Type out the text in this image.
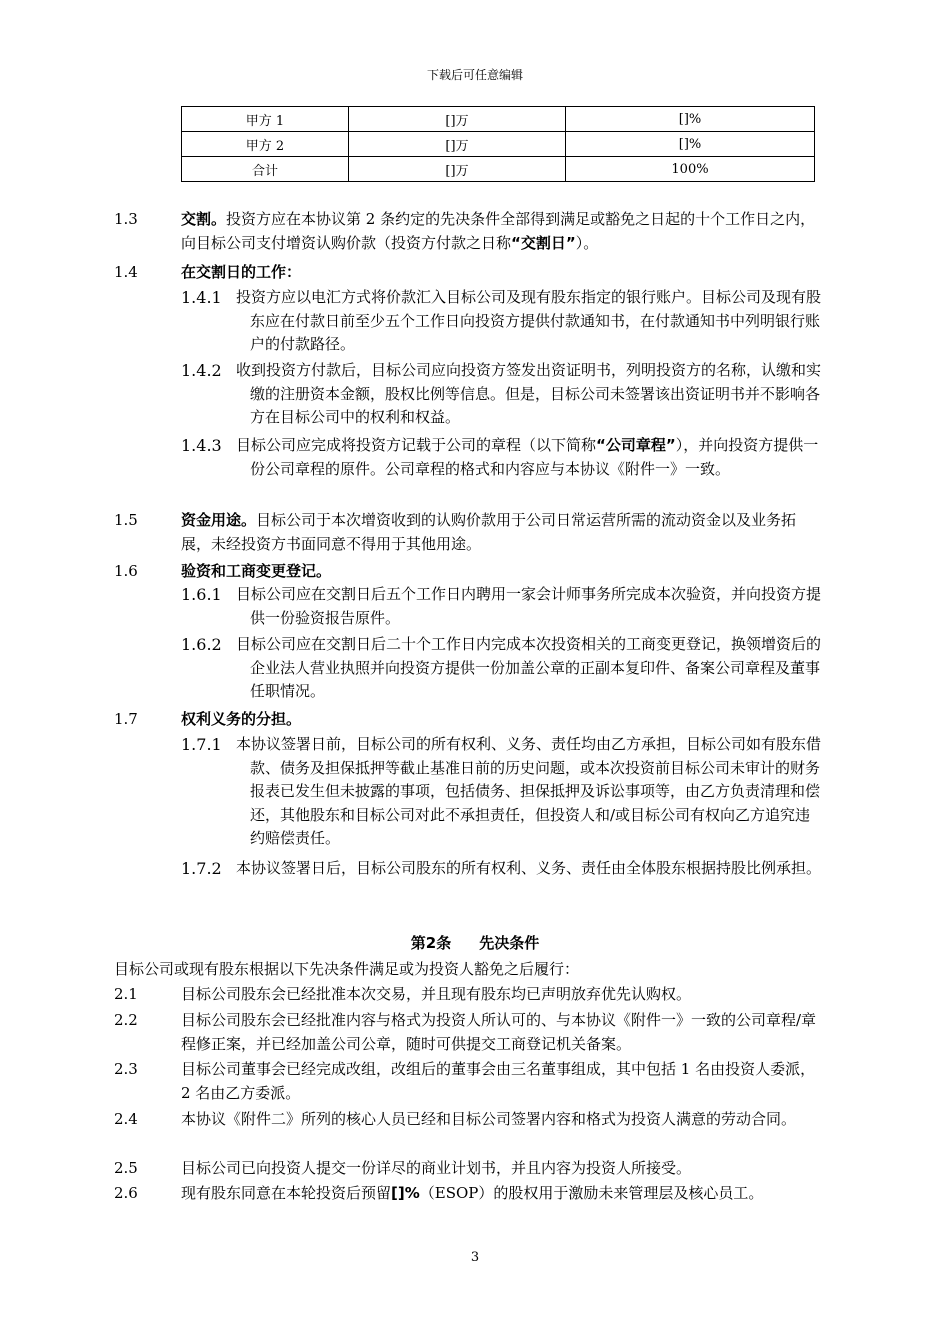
下载后可任意编辑
甲方 1	[]万	[]%
甲方 2	[]万	[]%
合计	[]万	100%
1.3	交割。投资方应在本协议第 2 条约定的先决条件全部得到满足或豁免之日起的十个工作日之内，向目标公司支付增资认购价款（投资方付款之日称“交割日”）。
1.4	在交割日的工作：
1.4.1 投资方应以电汇方式将价款汇入目标公司及现有股东指定的银行账户。目标公司及现有股东应在付款日前至少五个工作日向投资方提供付款通知书，在付款通知书中列明银行账户的付款路径。
1.4.2 收到投资方付款后，目标公司应向投资方签发出资证明书，列明投资方的名称，认缴和实缴的注册资本金额，股权比例等信息。但是，目标公司未签署该出资证明书并不影响各方在目标公司中的权利和权益。
1.4.3 目标公司应完成将投资方记载于公司的章程（以下简称“公司章程”），并向投资方提供一份公司章程的原件。公司章程的格式和内容应与本协议《附件一》一致。
1.5	资金用途。目标公司于本次增资收到的认购价款用于公司日常运营所需的流动资金以及业务拓展，未经投资方书面同意不得用于其他用途。
1.6	验资和工商变更登记。
1.6.1 目标公司应在交割日后五个工作日内聘用一家会计师事务所完成本次验资，并向投资方提供一份验资报告原件。
1.6.2 目标公司应在交割日后二十个工作日内完成本次投资相关的工商变更登记，换领增资后的企业法人营业执照并向投资方提供一份加盖公章的正副本复印件、备案公司章程及董事任职情况。
1.7	权利义务的分担。
1.7.1 本协议签署日前，目标公司的所有权利、义务、责任均由乙方承担，目标公司如有股东借款、债务及担保抵押等截止基准日前的历史问题，或本次投资前目标公司未审计的财务报表已发生但未披露的事项，包括债务、担保抵押及诉讼事项等，由乙方负责清理和偿还，其他股东和目标公司对此不承担责任，但投资人和/或目标公司有权向乙方追究违约赔偿责任。
1.7.2 本协议签署日后，目标公司股东的所有权利、义务、责任由全体股东根据持股比例承担。
第2条 先决条件
目标公司或现有股东根据以下先决条件满足或为投资人豁免之后履行：
2.1	目标公司股东会已经批准本次交易，并且现有股东均已声明放弃优先认购权。
2.2	目标公司股东会已经批准内容与格式为投资人所认可的、与本协议《附件一》一致的公司章程/章程修正案，并已经加盖公司公章，随时可供提交工商登记机关备案。
2.3	目标公司董事会已经完成改组，改组后的董事会由三名董事组成，其中包括 1 名由投资人委派，2 名由乙方委派。
2.4	本协议《附件二》所列的核心人员已经和目标公司签署内容和格式为投资人满意的劳动合同。
2.5	目标公司已向投资人提交一份详尽的商业计划书，并且内容为投资人所接受。
2.6	现有股东同意在本轮投资后预留[]%（ESOP）的股权用于激励未来管理层及核心员工。
3
